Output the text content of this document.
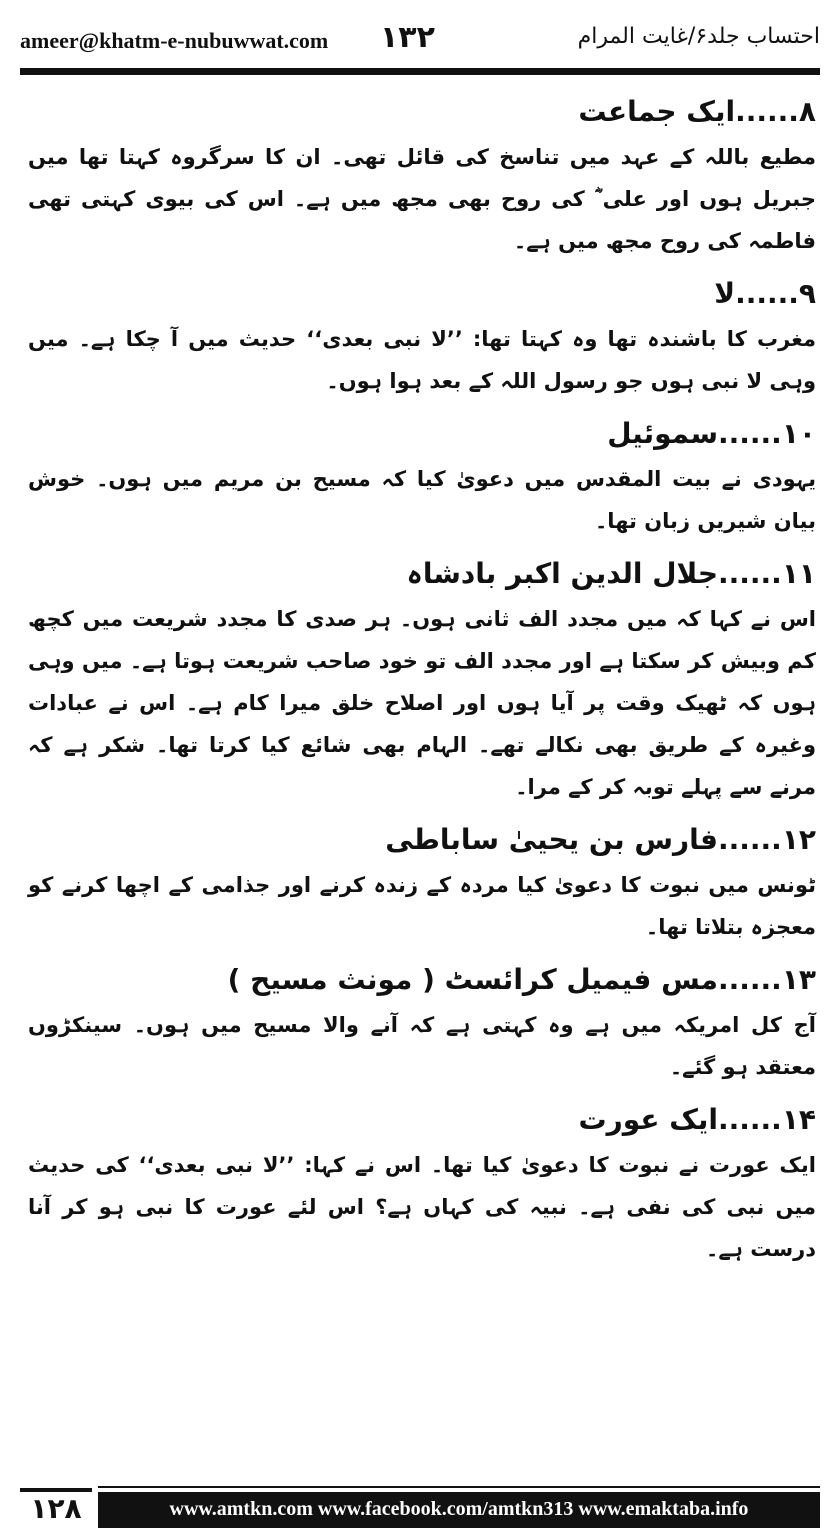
ameer@khatm-e-nubuwwat.com ۱۳۲	احتساب جلد۶/غایت المرام

۸......ایک جماعت

مطیع باللہ کے عہد میں تناسخ کی قائل تھی۔ ان کا سرگروہ کہتا تھا میں جبریل ہوں اور علی ؓ کی روح بھی مجھ میں ہے۔ اس کی بیوی کہتی تھی فاطمہ کی روح مجھ میں ہے۔

۹......لا

مغرب کا باشندہ تھا وہ کہتا تھا: ’’لا نبی بعدی‘‘ حدیث میں آ چکا ہے۔ میں وہی لا نبی ہوں جو رسول اللہ کے بعد ہوا ہوں۔

۱۰......سموئیل

یہودی نے بیت المقدس میں دعویٰ کیا کہ مسیح بن مریم میں ہوں۔ خوش بیان شیریں زبان تھا۔

۱۱......جلال الدین اکبر بادشاہ

اس نے کہا کہ میں مجدد الف ثانی ہوں۔ ہر صدی کا مجدد شریعت میں کچھ کم وبیش کر سکتا ہے اور مجدد الف تو خود صاحب شریعت ہوتا ہے۔ میں وہی ہوں کہ ٹھیک وقت پر آیا ہوں اور اصلاح خلق میرا کام ہے۔ اس نے عبادات وغیرہ کے طریق بھی نکالے تھے۔ الہام بھی شائع کیا کرتا تھا۔ شکر ہے کہ مرنے سے پہلے توبہ کر کے مرا۔

۱۲......فارس بن یحییٰ ساباطی

ٹونس میں نبوت کا دعویٰ کیا مردہ کے زندہ کرنے اور جذامی کے اچھا کرنے کو معجزہ بتلاتا تھا۔

۱۳......مس فیمیل کرائسٹ ( مونث مسیح )

آج کل امریکہ میں ہے وہ کہتی ہے کہ آنے والا مسیح میں ہوں۔ سینکڑوں معتقد ہو گئے۔

۱۴......ایک عورت

ایک عورت نے نبوت کا دعویٰ کیا تھا۔ اس نے کہا: ’’لا نبی بعدی‘‘ کی حدیث میں نبی کی نفی ہے۔ نبیہ کی کہاں ہے؟ اس لئے عورت کا نبی ہو کر آنا درست ہے۔

۱۲۸	www.amtkn.com www.facebook.com/amtkn313 www.emaktaba.info
